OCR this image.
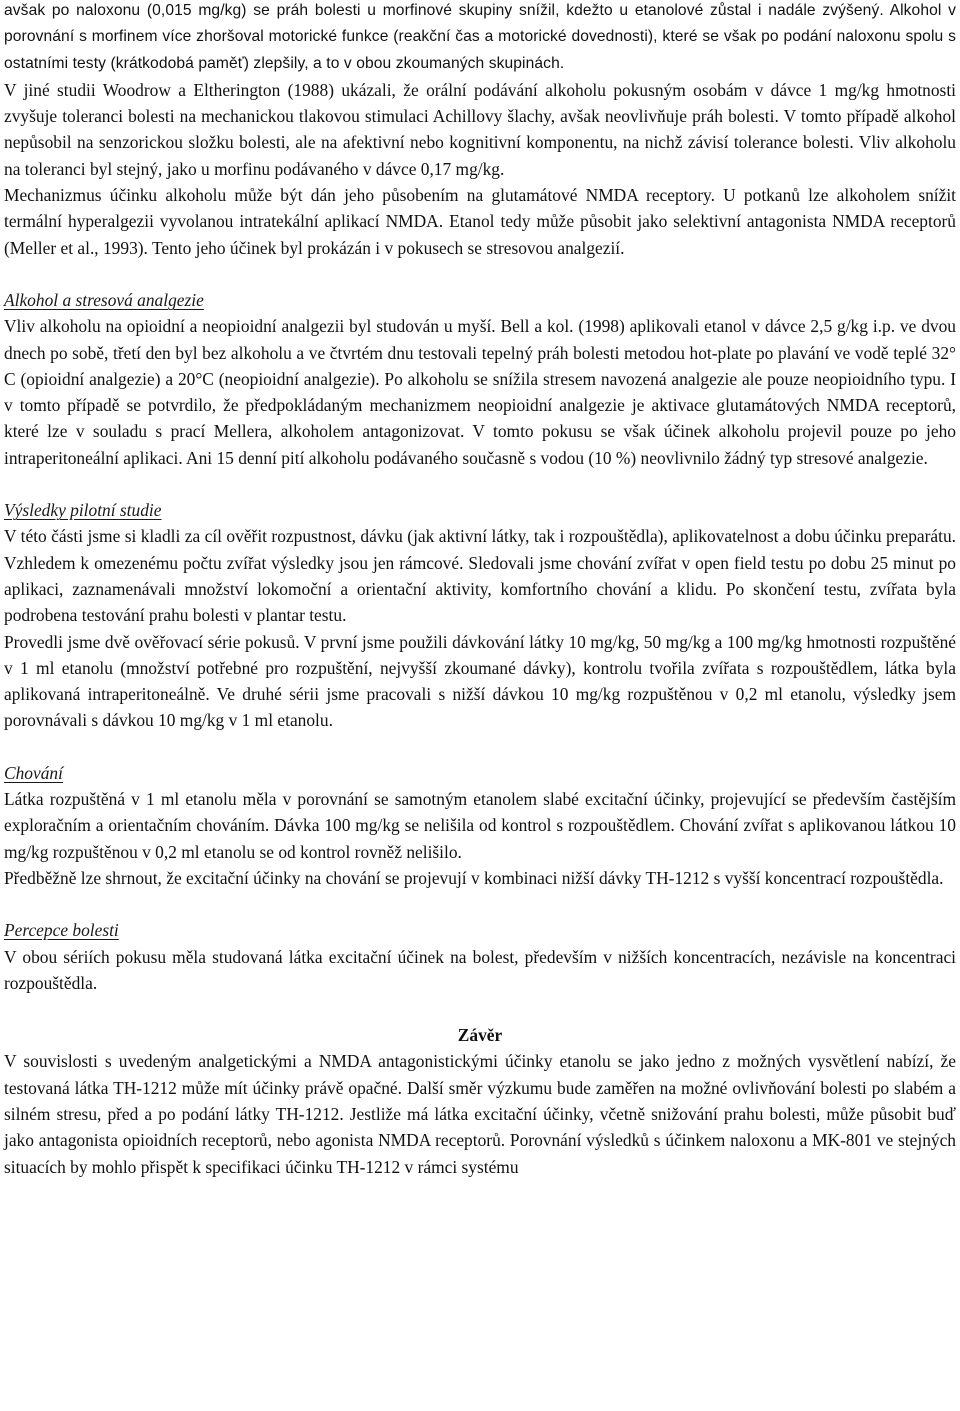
avšak po naloxonu (0,015 mg/kg) se práh bolesti u morfinové skupiny snížil, kdežto u etanolové zůstal i nadále zvýšený. Alkohol v porovnání s morfinem více zhoršoval motorické funkce (reakční čas a motorické dovednosti), které se však po podání naloxonu spolu s ostatními testy (krátkodobá paměť) zlepšily, a to v obou zkoumaných skupinách.

V jiné studii Woodrow a Eltherington (1988) ukázali, že orální podávání alkoholu pokusným osobám v dávce 1 mg/kg hmotnosti zvyšuje toleranci bolesti na mechanickou tlakovou stimulaci Achillovy šlachy, avšak neovlivňuje práh bolesti. V tomto případě alkohol nepůsobil na senzorickou složku bolesti, ale na afektivní nebo kognitivní komponentu, na nichž závisí tolerance bolesti. Vliv alkoholu na toleranci byl stejný, jako u morfinu podávaného v dávce 0,17 mg/kg.

Mechanizmus účinku alkoholu může být dán jeho působením na glutamátové NMDA receptory. U potkanů lze alkoholem snížit termální hyperalgezii vyvolanou intratekální aplikací NMDA. Etanol tedy může působit jako selektivní antagonista NMDA receptorů (Meller et al., 1993). Tento jeho účinek byl prokázán i v pokusech se stresovou analgezií.

Alkohol a stresová analgezie

Vliv alkoholu na opioidní a neopioidní analgezii byl studován u myší. Bell a kol. (1998) aplikovali etanol v dávce 2,5 g/kg i.p. ve dvou dnech po sobě, třetí den byl bez alkoholu a ve čtvrtém dnu testovali tepelný práh bolesti metodou hot-plate po plavání ve vodě teplé 32° C (opioidní analgezie) a 20°C (neopioidní analgezie). Po alkoholu se snížila stresem navozená analgezie ale pouze neopioidního typu. I v tomto případě se potvrdilo, že předpokládaným mechanizmem neopioidní analgezie je aktivace glutamátových NMDA receptorů, které lze v souladu s prací Mellera, alkoholem antagonizovat. V tomto pokusu se však účinek alkoholu projevil pouze po jeho intraperitoneální aplikaci. Ani 15 denní pití alkoholu podávaného současně s vodou (10 %) neovlivnilo žádný typ stresové analgezie.

Výsledky pilotní studie

V této části jsme si kladli za cíl ověřit rozpustnost, dávku (jak aktivní látky, tak i rozpouštědla), aplikovatelnost a dobu účinku preparátu. Vzhledem k omezenému počtu zvířat výsledky jsou jen rámcové. Sledovali jsme chování zvířat v open field testu po dobu 25 minut po aplikaci, zaznamenávali množství lokomoční a orientační aktivity, komfortního chování a klidu. Po skončení testu, zvířata byla podrobena testování prahu bolesti v plantar testu.

Provedli jsme dvě ověřovací série pokusů. V první jsme použili dávkování látky 10 mg/kg, 50 mg/kg a 100 mg/kg hmotnosti rozpuštěné v 1 ml etanolu (množství potřebné pro rozpuštění, nejvyšší zkoumané dávky), kontrolu tvořila zvířata s rozpouštědlem, látka byla aplikovaná intraperitoneálně. Ve druhé sérii jsme pracovali s nižší dávkou 10 mg/kg rozpuštěnou v 0,2 ml etanolu, výsledky jsem porovnávali s dávkou 10 mg/kg v 1 ml etanolu.

Chování

Látka rozpuštěná v 1 ml etanolu měla v porovnání se samotným etanolem slabé excitační účinky, projevující se především častějším exploračním a orientačním chováním. Dávka 100 mg/kg se nelišila od kontrol s rozpouštědlem. Chování zvířat s aplikovanou látkou 10 mg/kg rozpuštěnou v 0,2 ml etanolu se od kontrol rovněž nelišilo.

Předběžně lze shrnout, že excitační účinky na chování se projevují v kombinaci nižší dávky TH-1212 s vyšší koncentrací rozpouštědla.

Percepce bolesti

V obou sériích pokusu měla studovaná látka excitační účinek na bolest, především v nižších koncentracích, nezávisle na koncentraci rozpouštědla.

Závěr

V souvislosti s uvedeným analgetickými a NMDA antagonistickými účinky etanolu se jako jedno z možných vysvětlení nabízí, že testovaná látka TH-1212 může mít účinky právě opačné. Další směr výzkumu bude zaměřen na možné ovlivňování bolesti po slabém a silném stresu, před a po podání látky TH-1212. Jestliže má látka excitační účinky, včetně snižování prahu bolesti, může působit buď jako antagonista opioidních receptorů, nebo agonista NMDA receptorů. Porovnání výsledků s účinkem naloxonu a MK-801 ve stejných situacích by mohlo přispět k specifikaci účinku TH-1212 v rámci systému
